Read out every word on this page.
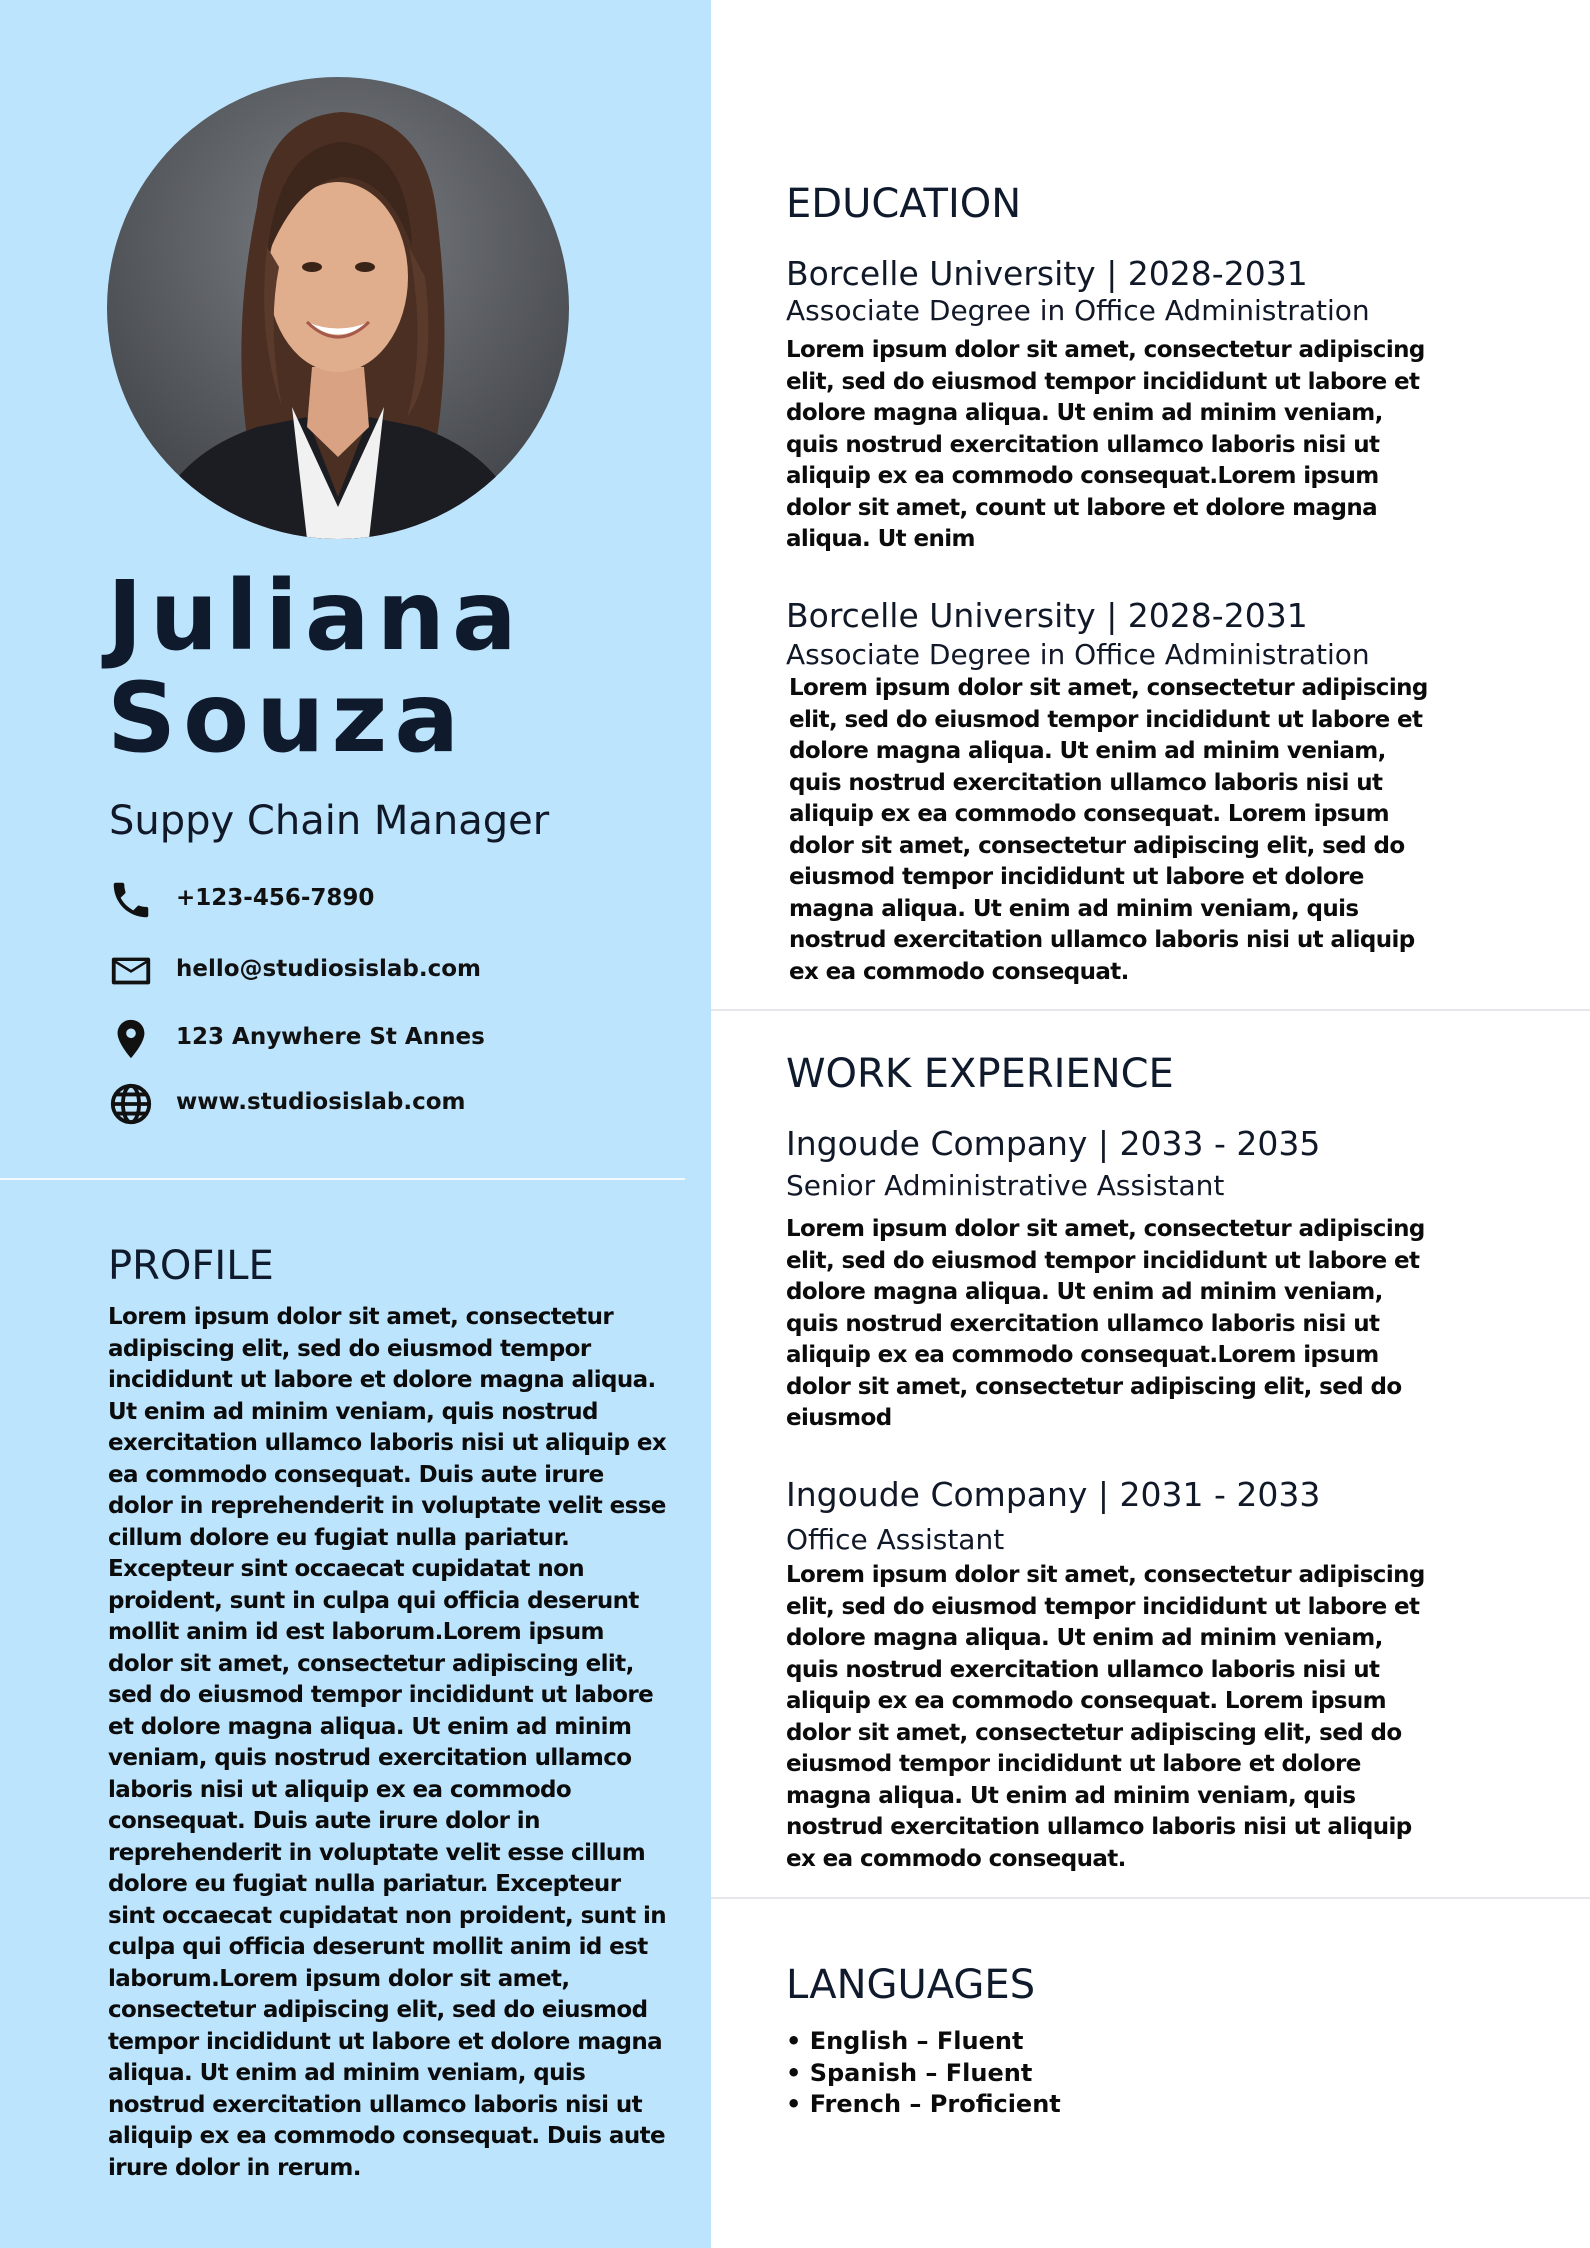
Juliana
Souza
Suppy Chain Manager
+123-456-7890
hello@studiosislab.com
123 Anywhere St Annes
www.studiosislab.com
PROFILE

Lorem ipsum dolor sit amet, consectetur adipiscing elit, sed do eiusmod tempor incididunt ut labore et dolore magna aliqua. Ut enim ad minim veniam, quis nostrud exercitation ullamco laboris nisi ut aliquip ex ea commodo consequat. Duis aute irure dolor in reprehenderit in voluptate velit esse cillum dolore eu fugiat nulla pariatur. Excepteur sint occaecat cupidatat non proident, sunt in culpa qui officia deserunt mollit anim id est laborum.Lorem ipsum dolor sit amet, consectetur adipiscing elit, sed do eiusmod tempor incididunt ut labore et dolore magna aliqua. Ut enim ad minim veniam, quis nostrud exercitation ullamco laboris nisi ut aliquip ex ea commodo consequat. Duis aute irure dolor in reprehenderit in voluptate velit esse cillum dolore eu fugiat nulla pariatur. Excepteur sint occaecat cupidatat non proident, sunt in culpa qui officia deserunt mollit anim id est laborum.Lorem ipsum dolor sit amet, consectetur adipiscing elit, sed do eiusmod tempor incididunt ut labore et dolore magna aliqua. Ut enim ad minim veniam, quis nostrud exercitation ullamco laboris nisi ut aliquip ex ea commodo consequat. Duis aute irure dolor in rerum.

EDUCATION
Borcelle University | 2028-2031
Associate Degree in Office Administration

Lorem ipsum dolor sit amet, consectetur adipiscing elit, sed do eiusmod tempor incididunt ut labore et dolore magna aliqua. Ut enim ad minim veniam, quis nostrud exercitation ullamco laboris nisi ut aliquip ex ea commodo consequat.Lorem ipsum dolor sit amet, count ut labore et dolore magna aliqua. Ut enim

Borcelle University | 2028-2031
Associate Degree in Office Administration

Lorem ipsum dolor sit amet, consectetur adipiscing elit, sed do eiusmod tempor incididunt ut labore et dolore magna aliqua. Ut enim ad minim veniam, quis nostrud exercitation ullamco laboris nisi ut aliquip ex ea commodo consequat. Lorem ipsum dolor sit amet, consectetur adipiscing elit, sed do eiusmod tempor incididunt ut labore et dolore magna aliqua. Ut enim ad minim veniam, quis nostrud exercitation ullamco laboris nisi ut aliquip ex ea commodo consequat.

WORK EXPERIENCE
Ingoude Company | 2033 - 2035
Senior Administrative Assistant

Lorem ipsum dolor sit amet, consectetur adipiscing elit, sed do eiusmod tempor incididunt ut labore et dolore magna aliqua. Ut enim ad minim veniam, quis nostrud exercitation ullamco laboris nisi ut aliquip ex ea commodo consequat.Lorem ipsum dolor sit amet, consectetur adipiscing elit, sed do eiusmod

Ingoude Company | 2031 - 2033
Office Assistant

Lorem ipsum dolor sit amet, consectetur adipiscing elit, sed do eiusmod tempor incididunt ut labore et dolore magna aliqua. Ut enim ad minim veniam, quis nostrud exercitation ullamco laboris nisi ut aliquip ex ea commodo consequat. Lorem ipsum dolor sit amet, consectetur adipiscing elit, sed do eiusmod tempor incididunt ut labore et dolore magna aliqua. Ut enim ad minim veniam, quis nostrud exercitation ullamco laboris nisi ut aliquip ex ea commodo consequat.

LANGUAGES
• English – Fluent
• Spanish – Fluent
• French – Proficient
